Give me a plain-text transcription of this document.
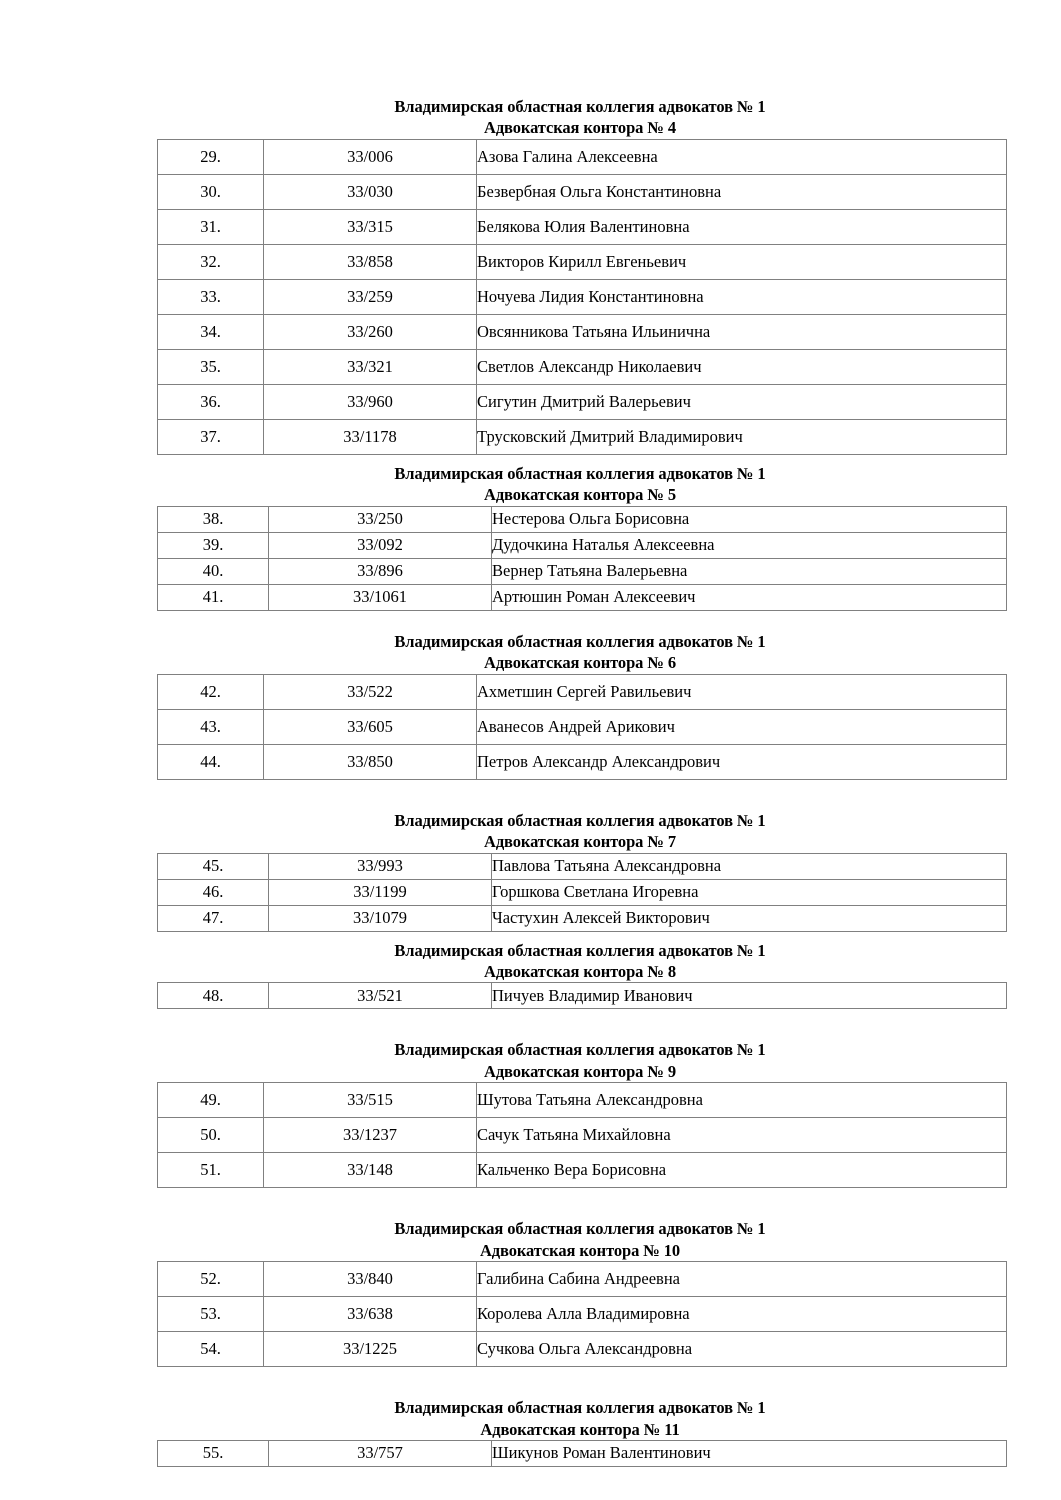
Владимирская областная коллегия адвокатов № 1
Адвокатская контора № 4
29.	33/006	Азова Галина Алексеевна
30.	33/030	Безвербная Ольга Константиновна
31.	33/315	Белякова Юлия Валентиновна
32.	33/858	Викторов Кирилл Евгеньевич
33.	33/259	Ночуева Лидия Константиновна
34.	33/260	Овсянникова Татьяна Ильинична
35.	33/321	Светлов Александр Николаевич
36.	33/960	Сигутин Дмитрий Валерьевич
37.	33/1178	Трусковский Дмитрий Владимирович
Владимирская областная коллегия адвокатов № 1
Адвокатская контора № 5
38.	33/250	Нестерова Ольга Борисовна
39.	33/092	Дудочкина Наталья Алексеевна
40.	33/896	Вернер Татьяна Валерьевна
41.	33/1061	Артюшин Роман Алексеевич
Владимирская областная коллегия адвокатов № 1
Адвокатская контора № 6
42.	33/522	Ахметшин Сергей Равильевич
43.	33/605	Аванесов Андрей Арикович
44.	33/850	Петров Александр Александрович
Владимирская областная коллегия адвокатов № 1
Адвокатская контора № 7
45.	33/993	Павлова Татьяна Александровна
46.	33/1199	Горшкова Светлана Игоревна
47.	33/1079	Частухин Алексей Викторович
Владимирская областная коллегия адвокатов № 1
Адвокатская контора № 8
48.	33/521	Пичуев Владимир Иванович
Владимирская областная коллегия адвокатов № 1
Адвокатская контора № 9
49.	33/515	Шутова Татьяна Александровна
50.	33/1237	Сачук Татьяна Михайловна
51.	33/148	Кальченко Вера Борисовна
Владимирская областная коллегия адвокатов № 1
Адвокатская контора № 10
52.	33/840	Галибина Сабина Андреевна
53.	33/638	Королева Алла Владимировна
54.	33/1225	Сучкова Ольга Александровна
Владимирская областная коллегия адвокатов № 1
Адвокатская контора № 11
55.	33/757	Шикунов Роман Валентинович
